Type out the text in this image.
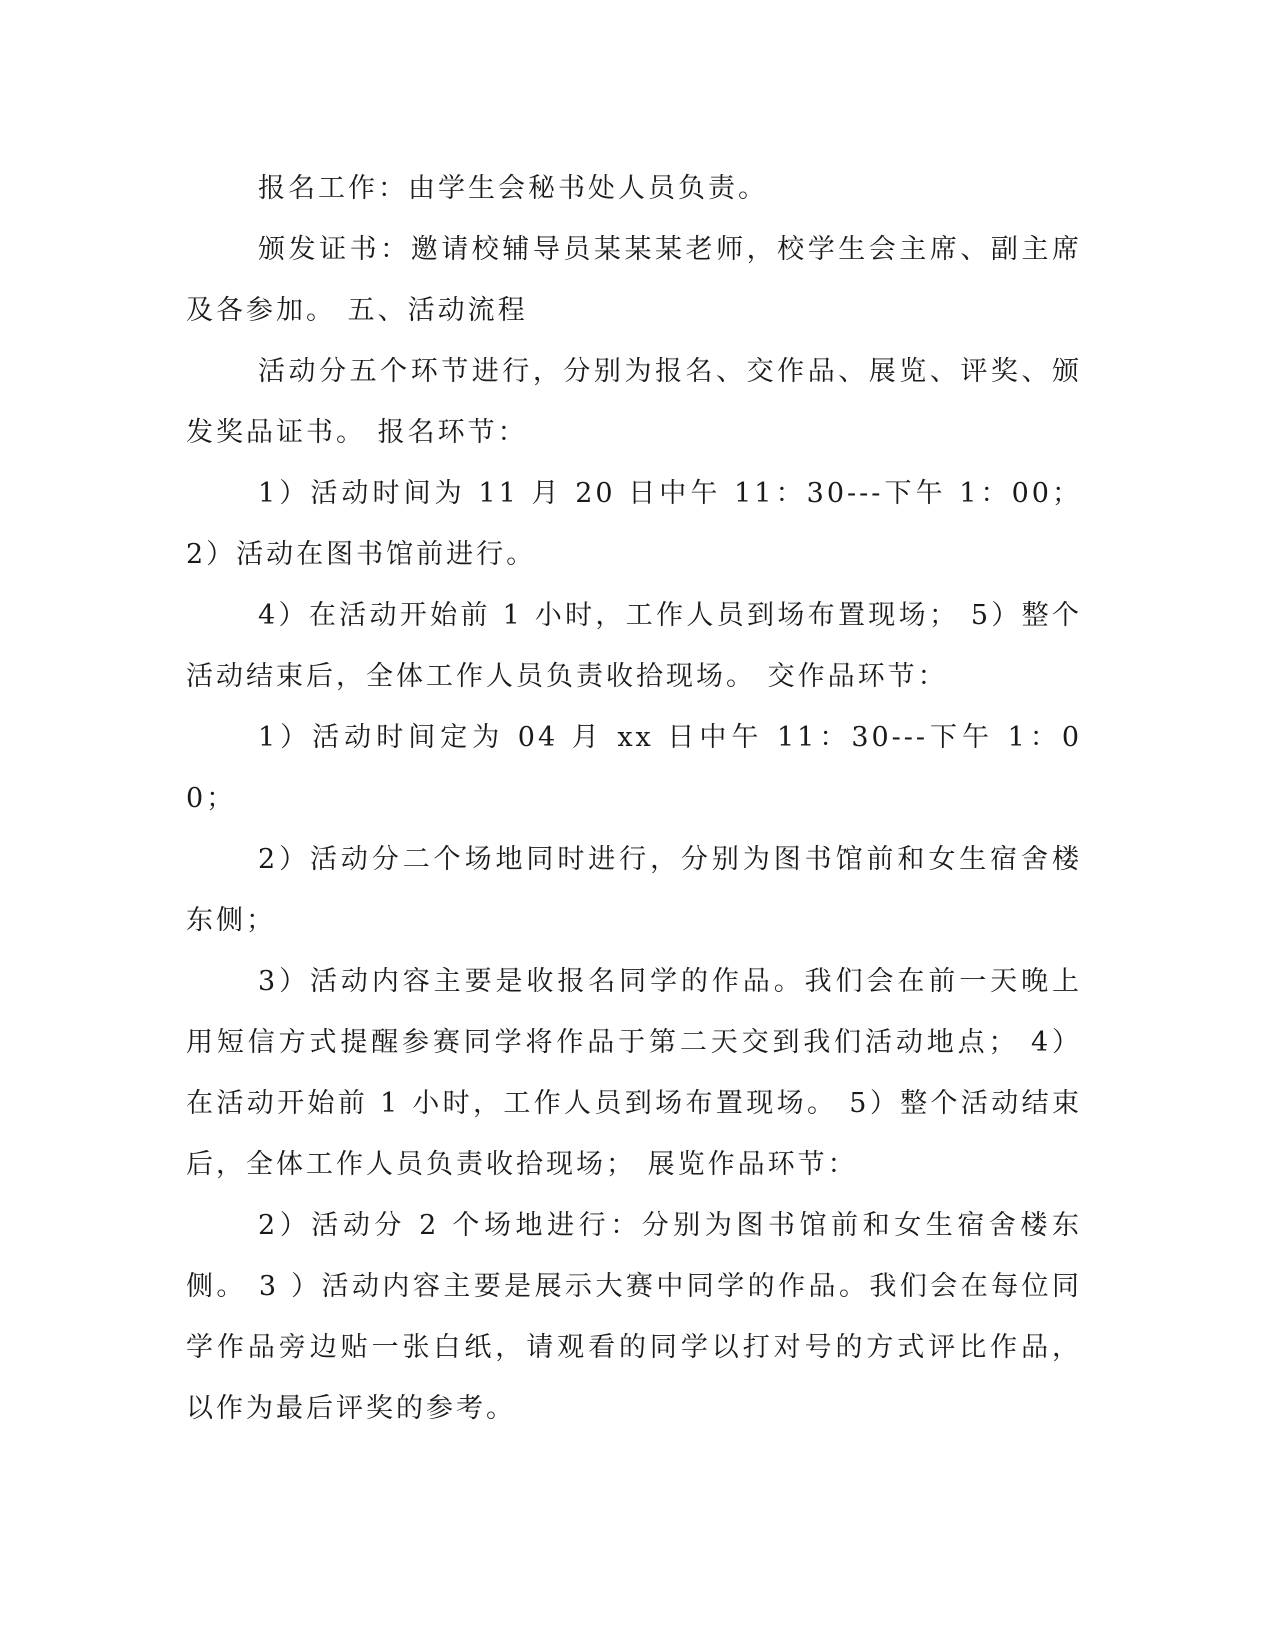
报名工作：由学生会秘书处人员负责。

颁发证书：邀请校辅导员某某某老师，校学生会主席、副主席及各参加。 五、活动流程

活动分五个环节进行，分别为报名、交作品、展览、评奖、颁发奖品证书。 报名环节：

1）活动时间为 11 月 20 日中午 11：30---下午 1：00； 2）活动在图书馆前进行。

4）在活动开始前 1 小时，工作人员到场布置现场； 5）整个活动结束后，全体工作人员负责收拾现场。 交作品环节：

1）活动时间定为 04 月 xx 日中午 11：30---下午 1：00；

2）活动分二个场地同时进行，分别为图书馆前和女生宿舍楼东侧；

3）活动内容主要是收报名同学的作品。我们会在前一天晚上用短信方式提醒参赛同学将作品于第二天交到我们活动地点； 4）在活动开始前 1 小时，工作人员到场布置现场。 5）整个活动结束后，全体工作人员负责收拾现场； 展览作品环节：

2）活动分 2 个场地进行：分别为图书馆前和女生宿舍楼东侧。 3 ）活动内容主要是展示大赛中同学的作品。我们会在每位同学作品旁边贴一张白纸，请观看的同学以打对号的方式评比作品，以作为最后评奖的参考。
